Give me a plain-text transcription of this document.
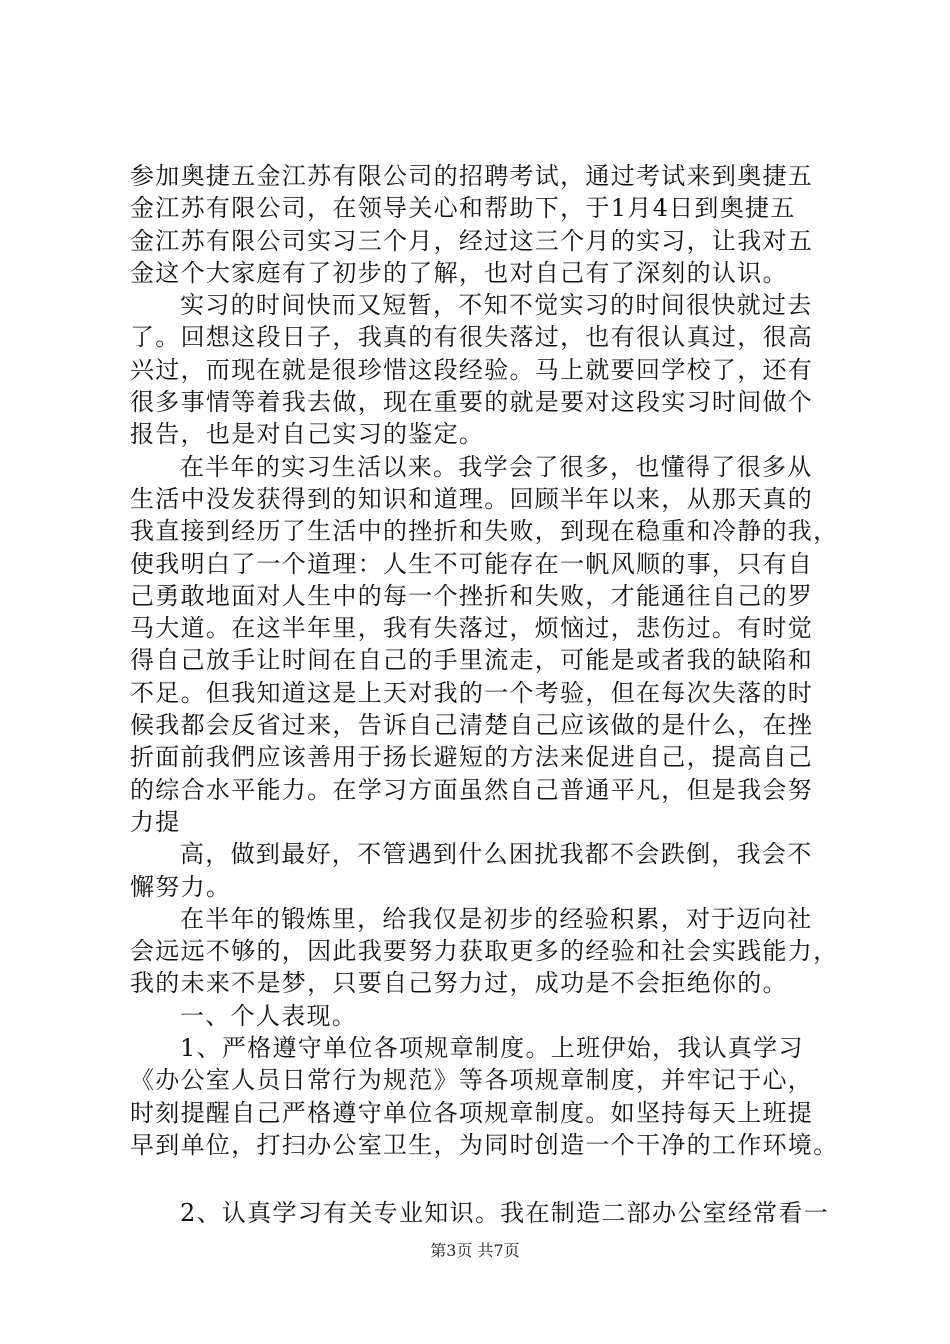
参加奥捷五金江苏有限公司的招聘考试，通过考试来到奥捷五
金江苏有限公司，在领导关心和帮助下，于1月4日到奥捷五
金江苏有限公司实习三个月，经过这三个月的实习，让我对五
金这个大家庭有了初步的了解，也对自己有了深刻的认识。
实习的时间快而又短暂，不知不觉实习的时间很快就过去
了。回想这段日子，我真的有很失落过，也有很认真过，很高
兴过，而现在就是很珍惜这段经验。马上就要回学校了，还有
很多事情等着我去做，现在重要的就是要对这段实习时间做个
报告，也是对自己实习的鉴定。
在半年的实习生活以来。我学会了很多，也懂得了很多从
生活中没发获得到的知识和道理。回顾半年以来，从那天真的
我直接到经历了生活中的挫折和失败，到现在稳重和冷静的我，
使我明白了一个道理：人生不可能存在一帆风顺的事，只有自
己勇敢地面对人生中的每一个挫折和失败，才能通往自己的罗
马大道。在这半年里，我有失落过，烦恼过，悲伤过。有时觉
得自己放手让时间在自己的手里流走，可能是或者我的缺陷和
不足。但我知道这是上天对我的一个考验，但在每次失落的时
候我都会反省过来，告诉自己清楚自己应该做的是什么，在挫
折面前我們应该善用于扬长避短的方法来促进自己，提高自己
的综合水平能力。在学习方面虽然自己普通平凡，但是我会努
力提
高，做到最好，不管遇到什么困扰我都不会跌倒，我会不
懈努力。
在半年的锻炼里，给我仅是初步的经验积累，对于迈向社
会远远不够的，因此我要努力获取更多的经验和社会实践能力，
我的未来不是梦，只要自己努力过，成功是不会拒绝你的。
一、个人表现。
1、严格遵守单位各项规章制度。上班伊始，我认真学习
《办公室人员日常行为规范》等各项规章制度，并牢记于心，
时刻提醒自己严格遵守单位各项规章制度。如坚持每天上班提
早到单位，打扫办公室卫生，为同时创造一个干净的工作环境。
2、认真学习有关专业知识。我在制造二部办公室经常看一
第3页 共7页
